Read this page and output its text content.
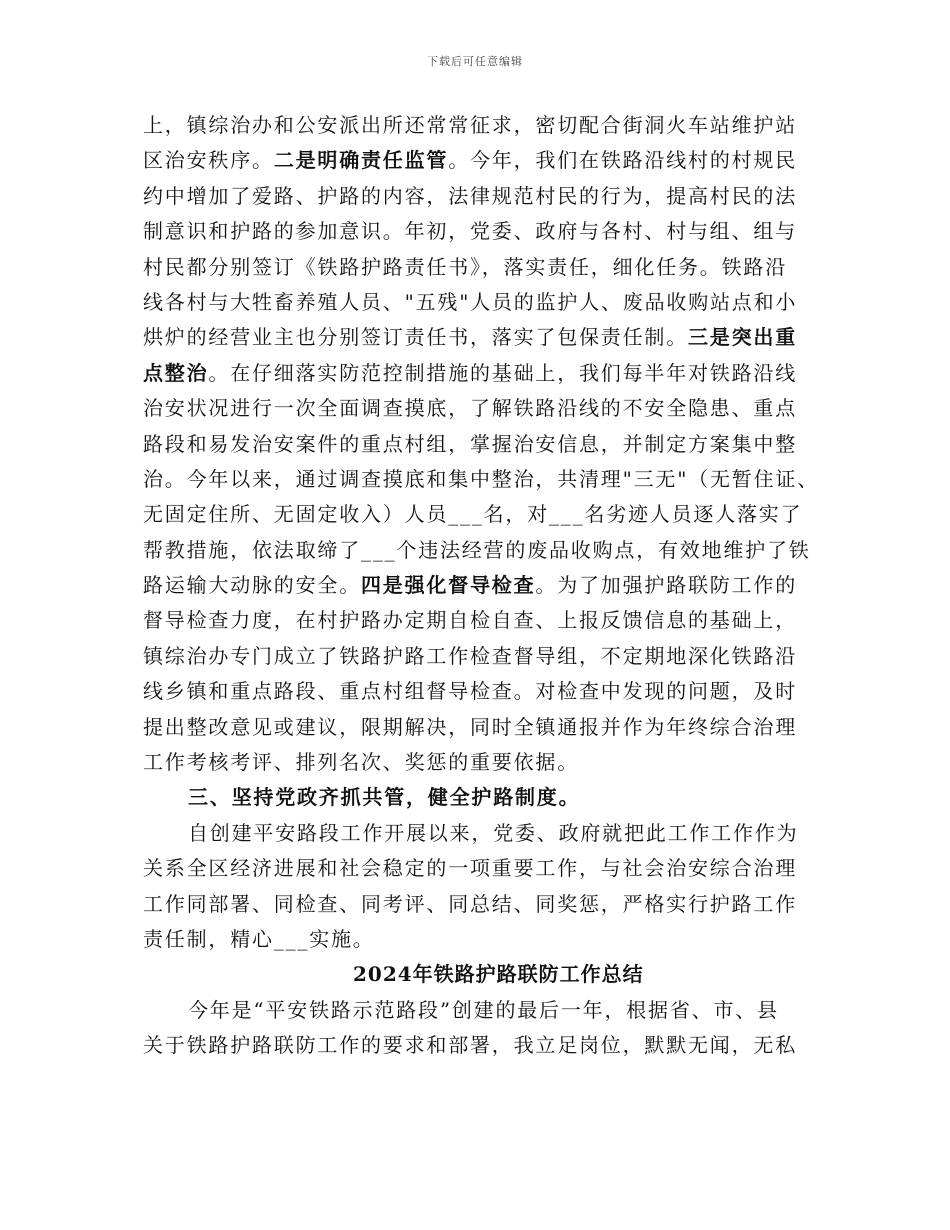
下载后可任意编辑
上，镇综治办和公安派出所还常常征求，密切配合街洞火车站维护站
区治安秩序。二是明确责任监管。今年，我们在铁路沿线村的村规民
约中增加了爱路、护路的内容，法律规范村民的行为，提高村民的法
制意识和护路的参加意识。年初，党委、政府与各村、村与组、组与
村民都分别签订《铁路护路责任书》，落实责任，细化任务。铁路沿
线各村与大牲畜养殖人员、"五残"人员的监护人、废品收购站点和小
烘炉的经营业主也分别签订责任书，落实了包保责任制。三是突出重
点整治。在仔细落实防范控制措施的基础上，我们每半年对铁路沿线
治安状况进行一次全面调查摸底，了解铁路沿线的不安全隐患、重点
路段和易发治安案件的重点村组，掌握治安信息，并制定方案集中整
治。今年以来，通过调查摸底和集中整治，共清理"三无"（无暂住证、
无固定住所、无固定收入）人员___名，对___名劣迹人员逐人落实了
帮教措施，依法取缔了___个违法经营的废品收购点，有效地维护了铁
路运输大动脉的安全。四是强化督导检查。为了加强护路联防工作的
督导检查力度，在村护路办定期自检自查、上报反馈信息的基础上，
镇综治办专门成立了铁路护路工作检查督导组，不定期地深化铁路沿
线乡镇和重点路段、重点村组督导检查。对检查中发现的问题，及时
提出整改意见或建议，限期解决，同时全镇通报并作为年终综合治理
工作考核考评、排列名次、奖惩的重要依据。
三、坚持党政齐抓共管，健全护路制度。
自创建平安路段工作开展以来，党委、政府就把此工作工作作为
关系全区经济进展和社会稳定的一项重要工作，与社会治安综合治理
工作同部署、同检查、同考评、同总结、同奖惩，严格实行护路工作
责任制，精心___实施。
2024年铁路护路联防工作总结
今年是“平安铁路示范路段”创建的最后一年，根据省、市、县
关于铁路护路联防工作的要求和部署，我立足岗位，默默无闻，无私
